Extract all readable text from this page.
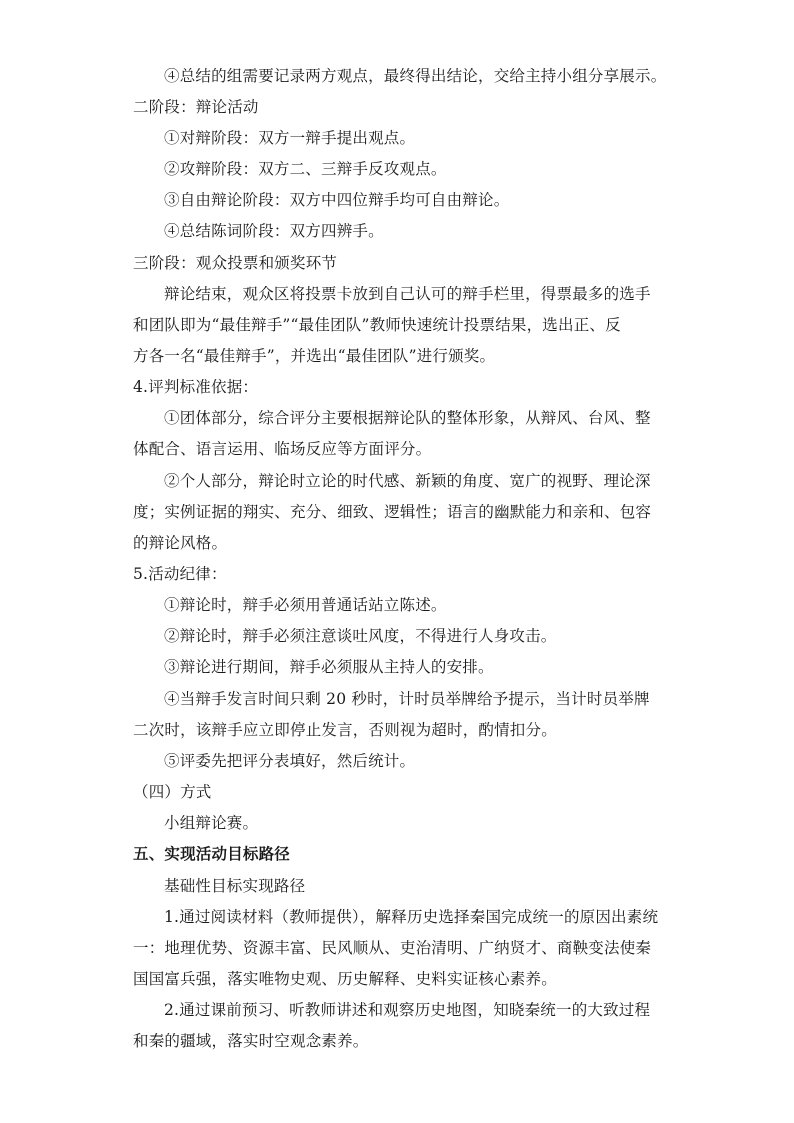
④总结的组需要记录两方观点，最终得出结论，交给主持小组分享展示。
二阶段：辩论活动
①对辩阶段：双方一辩手提出观点。
②攻辩阶段：双方二、三辩手反攻观点。
③自由辩论阶段：双方中四位辩手均可自由辩论。
④总结陈词阶段：双方四辨手。
三阶段：观众投票和颁奖环节
辩论结束，观众区将投票卡放到自己认可的辩手栏里，得票最多的选手
和团队即为“最佳辩手”“最佳团队”教师快速统计投票结果，选出正、反
方各一名“最佳辩手”，并选出“最佳团队”进行颁奖。
4.评判标准依据：
①团体部分，综合评分主要根据辩论队的整体形象，从辩风、台风、整
体配合、语言运用、临场反应等方面评分。
②个人部分，辩论时立论的时代感、新颖的角度、宽广的视野、理论深
度；实例证据的翔实、充分、细致、逻辑性；语言的幽默能力和亲和、包容
的辩论风格。
5.活动纪律：
①辩论时，辩手必须用普通话站立陈述。
②辩论时，辩手必须注意谈吐风度，不得进行人身攻击。
③辩论进行期间，辩手必须服从主持人的安排。
④当辩手发言时间只剩 20 秒时，计时员举牌给予提示，当计时员举牌
二次时，该辩手应立即停止发言，否则视为超时，酌情扣分。
⑤评委先把评分表填好，然后统计。
（四）方式
小组辩论赛。
五、实现活动目标路径
基础性目标实现路径
1.通过阅读材料（教师提供），解释历史选择秦国完成统一的原因出素统
一：地理优势、资源丰富、民风顺从、吏治清明、广纳贤才、商鞅变法使秦
国国富兵强，落实唯物史观、历史解释、史料实证核心素养。
2.通过课前预习、听教师讲述和观察历史地图，知晓秦统一的大致过程
和秦的疆域，落实时空观念素养。
